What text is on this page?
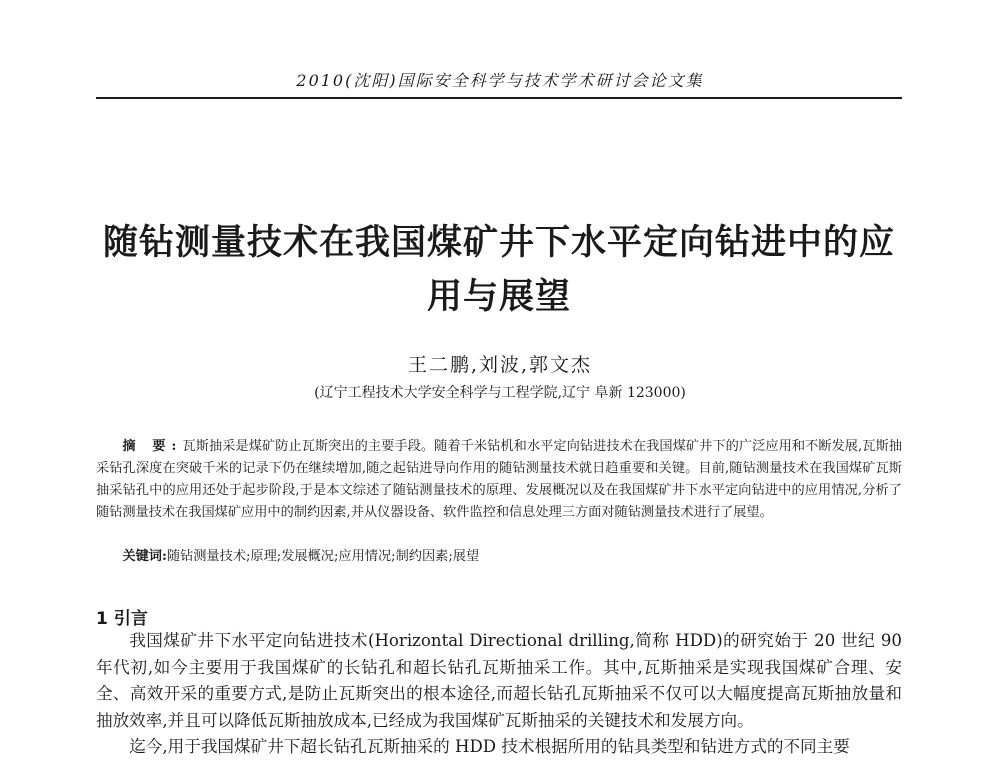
2010(沈阳)国际安全科学与技术学术研讨会论文集
随钻测量技术在我国煤矿井下水平定向钻进中的应用与展望
王二鹏,刘波,郭文杰
(辽宁工程技术大学安全科学与工程学院,辽宁 阜新 123000)

摘 要:瓦斯抽采是煤矿防止瓦斯突出的主要手段。随着千米钻机和水平定向钻进技术在我国煤矿井下的广泛应用和不断发展,瓦斯抽采钻孔深度在突破千米的记录下仍在继续增加,随之起钻进导向作用的随钻测量技术就日趋重要和关键。目前,随钻测量技术在我国煤矿瓦斯抽采钻孔中的应用还处于起步阶段,于是本文综述了随钻测量技术的原理、发展概况以及在我国煤矿井下水平定向钻进中的应用情况,分析了随钻测量技术在我国煤矿应用中的制约因素,并从仪器设备、软件监控和信息处理三方面对随钻测量技术进行了展望。

关键词:随钻测量技术;原理;发展概况;应用情况;制约因素;展望

1 引言

我国煤矿井下水平定向钻进技术(Horizontal Directional drilling,简称 HDD)的研究始于 20 世纪 90 年代初,如今主要用于我国煤矿的长钻孔和超长钻孔瓦斯抽采工作。其中,瓦斯抽采是实现我国煤矿合理、安全、高效开采的重要方式,是防止瓦斯突出的根本途径,而超长钻孔瓦斯抽采不仅可以大幅度提高瓦斯抽放量和抽放效率,并且可以降低瓦斯抽放成本,已经成为我国煤矿瓦斯抽采的关键技术和发展方向。

迄今,用于我国煤矿井下超长钻孔瓦斯抽采的 HDD 技术根据所用的钻具类型和钻进方式的不同主要
